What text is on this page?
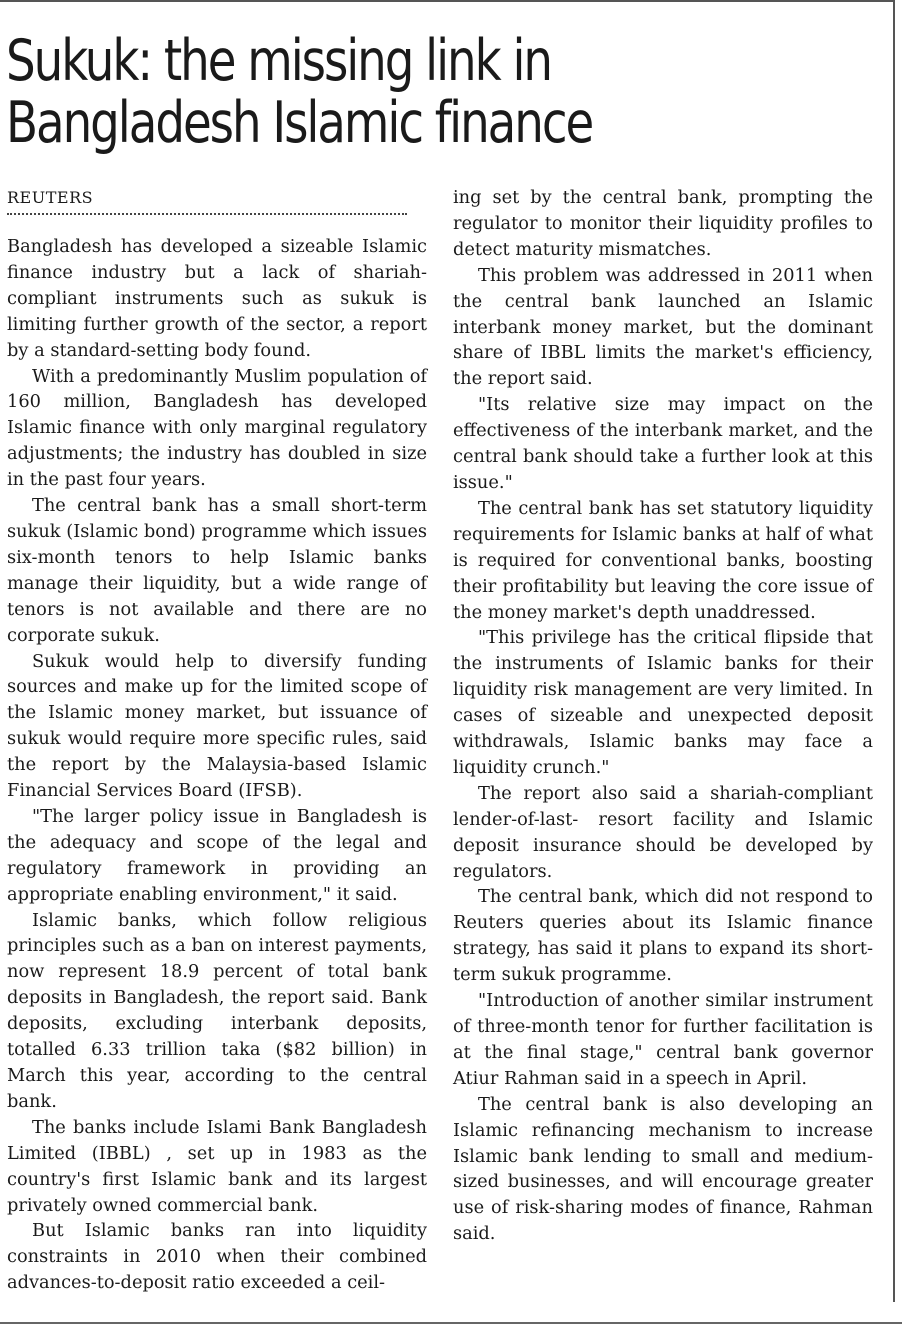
Sukuk: the missing link in
Bangladesh Islamic finance
REUTERS

Bangladesh has developed a sizeable Islamic finance industry but a lack of shariah-compliant instruments such as sukuk is limiting further growth of the sector, a report by a standard-setting body found.

With a predominantly Muslim population of 160 million, Bangladesh has developed Islamic finance with only marginal regulatory adjustments; the industry has doubled in size in the past four years.

The central bank has a small short-term sukuk (Islamic bond) programme which issues six-month tenors to help Islamic banks manage their liquidity, but a wide range of tenors is not available and there are no corporate sukuk.

Sukuk would help to diversify funding sources and make up for the limited scope of the Islamic money market, but issuance of sukuk would require more specific rules, said the report by the Malaysia-based Islamic Financial Services Board (IFSB).

"The larger policy issue in Bangladesh is the adequacy and scope of the legal and regulatory framework in providing an appropriate enabling environment," it said.

Islamic banks, which follow religious principles such as a ban on interest payments, now represent 18.9 percent of total bank deposits in Bangladesh, the report said. Bank deposits, excluding interbank deposits, totalled 6.33 trillion taka ($82 billion) in March this year, according to the central bank.

The banks include Islami Bank Bangladesh Limited (IBBL) , set up in 1983 as the country's first Islamic bank and its largest privately owned commercial bank.

But Islamic banks ran into liquidity constraints in 2010 when their combined advances-to-deposit ratio exceeded a ceil-

ing set by the central bank, prompting the regulator to monitor their liquidity profiles to detect maturity mismatches.

This problem was addressed in 2011 when the central bank launched an Islamic interbank money market, but the dominant share of IBBL limits the market's efficiency, the report said.

"Its relative size may impact on the effectiveness of the interbank market, and the central bank should take a further look at this issue."

The central bank has set statutory liquidity requirements for Islamic banks at half of what is required for conventional banks, boosting their profitability but leaving the core issue of the money market's depth unaddressed.

"This privilege has the critical flipside that the instruments of Islamic banks for their liquidity risk management are very limited. In cases of sizeable and unexpected deposit withdrawals, Islamic banks may face a liquidity crunch."

The report also said a shariah-compliant lender-of-last- resort facility and Islamic deposit insurance should be developed by regulators.

The central bank, which did not respond to Reuters queries about its Islamic finance strategy, has said it plans to expand its short-term sukuk programme.

"Introduction of another similar instrument of three-month tenor for further facilitation is at the final stage," central bank governor Atiur Rahman said in a speech in April.

The central bank is also developing an Islamic refinancing mechanism to increase Islamic bank lending to small and medium-sized businesses, and will encourage greater use of risk-sharing modes of finance, Rahman said.
